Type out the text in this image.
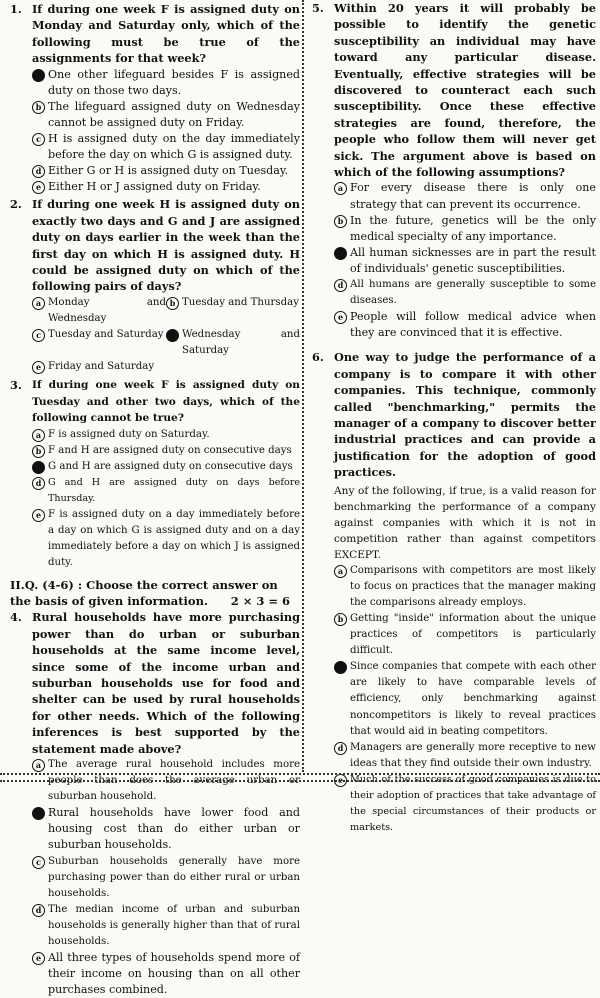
1. If during one week F is assigned duty on Monday and Saturday only, which of the following must be true of the assignments for that week?
a One other lifeguard besides F is assigned duty on those two days.
b The lifeguard assigned duty on Wednesday cannot be assigned duty on Friday.
c H is assigned duty on the day immediately before the day on which G is assigned duty.
d Either G or H is assigned duty on Tuesday.
e Either H or J assigned duty on Friday.
2. If during one week H is assigned duty on exactly two days and G and J are assigned duty on days earlier in the week than the first day on which H is assigned duty. H could be assigned duty on which of the following pairs of days?
a Monday and Wednesday
b Tuesday and Thursday
c Tuesday and Saturday d Wednesday and Saturday
e Friday and Saturday
3. If during one week F is assigned duty on Tuesday and other two days, which of the following cannot be true?
a F is assigned duty on Saturday.
b F and H are assigned duty on consecutive days
c G and H are assigned duty on consecutive days
d G and H are assigned duty on days before Thursday.
e F is assigned duty on a day immediately before a day on which G is assigned duty and on a day immediately before a day on which J is assigned duty.
II.Q. (4-6) : Choose the correct answer on the basis of given information. 2 × 3 = 6
4. Rural households have more purchasing power than do urban or suburban households at the same income level, since some of the income urban and suburban households use for food and shelter can be used by rural households for other needs. Which of the following inferences is best supported by the statement made above?
a The average rural household includes more people than does the average urban or suburban household.
b Rural households have lower food and housing cost than do either urban or suburban households.
c Suburban households generally have more purchasing power than do either rural or urban households.
d The median income of urban and suburban households is generally higher than that of rural households.
e All three types of households spend more of their income on housing than on all other purchases combined.
5. Within 20 years it will probably be possible to identify the genetic susceptibility an individual may have toward any particular disease. Eventually, effective strategies will be discovered to counteract each such susceptibility. Once these effective strategies are found, therefore, the people who follow them will never get sick. The argument above is based on which of the following assumptions?
a For every disease there is only one strategy that can prevent its occurrence.
b In the future, genetics will be the only medical specialty of any importance.
c All human sicknesses are in part the result of individuals' genetic susceptibilities.
d All humans are generally susceptible to some diseases.
e People will follow medical advice when they are convinced that it is effective.
6. One way to judge the performance of a company is to compare it with other companies. This technique, commonly called "benchmarking," permits the manager of a company to discover better industrial practices and can provide a justification for the adoption of good practices.
Any of the following, if true, is a valid reason for benchmarking the performance of a company against companies with which it is not in competition rather than against competitors EXCEPT.
a Comparisons with competitors are most likely to focus on practices that the manager making the comparisons already employs.
b Getting "inside" information about the unique practices of competitors is particularly difficult.
c Since companies that compete with each other are likely to have comparable levels of efficiency, only benchmarking against noncompetitors is likely to reveal practices that would aid in beating competitors.
d Managers are generally more receptive to new ideas that they find outside their own industry.
e Much of the success of good companies is due to their adoption of practices that take advantage of the special circumstances of their products or markets.
